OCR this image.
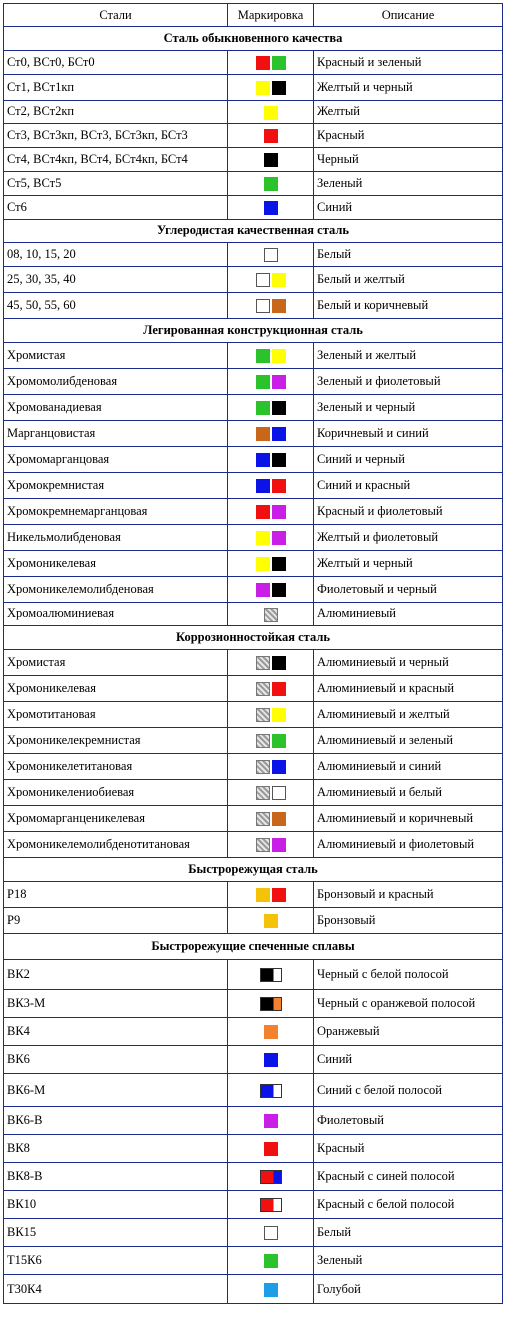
Стали	Маркировка	Описание
Сталь обыкновенного качества		
Ст0, ВСт0, БСт0		Красный и зеленый
Ст1, ВСт1кп		Желтый и черный
Ст2, ВСт2кп		Желтый
Ст3, ВСт3кп, ВСт3, БСт3кп, БСт3		Красный
Ст4, ВСт4кп, ВСт4, БСт4кп, БСт4		Черный
Ст5, ВСт5		Зеленый
Ст6		Синий
Углеродистая качественная сталь		
08, 10, 15, 20		Белый
25, 30, 35, 40		Белый и желтый
45, 50, 55, 60		Белый и коричневый
Легированная конструкционная сталь		
Хромистая		Зеленый и желтый
Хромомолибденовая		Зеленый и фиолетовый
Хромованадиевая		Зеленый и черный
Марганцовистая		Коричневый и синий
Хромомарганцовая		Синий и черный
Хромокремнистая		Синий и красный
Хромокремнемарганцовая		Красный и фиолетовый
Никельмолибденовая		Желтый и фиолетовый
Хромоникелевая		Желтый и черный
Хромоникелемолибденовая		Фиолетовый и черный
Хромоалюминиевая		Алюминиевый
Коррозионностойкая сталь		
Хромистая		Алюминиевый и черный
Хромоникелевая		Алюминиевый и красный
Хромотитановая		Алюминиевый и желтый
Хромоникелекремнистая		Алюминиевый и зеленый
Хромоникелетитановая		Алюминиевый и синий
Хромоникелениобиевая		Алюминиевый и белый
Хромомарганценикелевая		Алюминиевый и коричневый
Хромоникелемолибденотитановая		Алюминиевый и фиолетовый
Быстрорежущая сталь		
Р18		Бронзовый и красный
Р9		Бронзовый
Быстрорежущие спеченные сплавы		
ВК2		Черный с белой полосой
ВК3-М		Черный с оранжевой полосой
ВК4		Оранжевый
ВК6		Синий
ВК6-М		Синий с белой полосой
ВК6-В		Фиолетовый
ВК8		Красный
ВК8-В		Красный с синей полосой
ВК10		Красный с белой полосой
ВК15		Белый
Т15К6		Зеленый
Т30К4		Голубой
